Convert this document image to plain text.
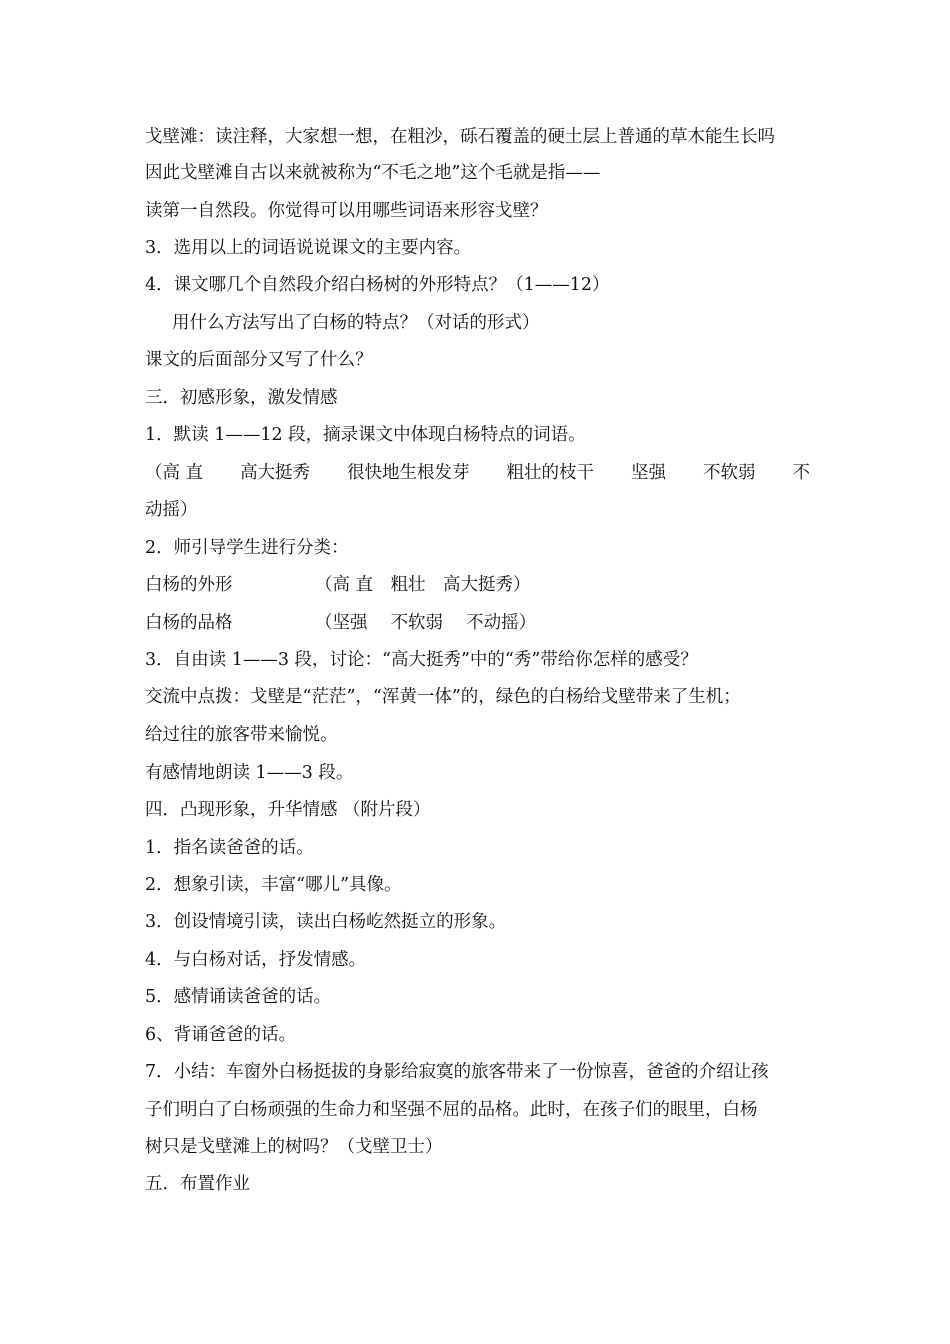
戈壁滩：读注释，大家想一想，在粗沙，砾石覆盖的硬土层上普通的草木能生长吗
因此戈壁滩自古以来就被称为“不毛之地”这个毛就是指——
读第一自然段。你觉得可以用哪些词语来形容戈壁？
3．选用以上的词语说说课文的主要内容。
4．课文哪几个自然段介绍白杨树的外形特点？（1——12）
用什么方法写出了白杨的特点？（对话的形式）
课文的后面部分又写了什么？
三．初感形象，激发情感
1．默读 1——12 段，摘录课文中体现白杨特点的词语。
（高 直 高大挺秀 很快地生根发芽 粗壮的枝干 坚强 不软弱 不
动摇）
2．师引导学生进行分类：
白杨的外形	（高 直　粗壮　高大挺秀）
白杨的品格	（坚强　 不软弱　 不动摇）
3．自由读 1——3 段，讨论：“高大挺秀”中的“秀”带给你怎样的感受？
交流中点拨：戈壁是“茫茫”，“浑黄一体”的，绿色的白杨给戈壁带来了生机；
给过往的旅客带来愉悦。
有感情地朗读 1——3 段。
四．凸现形象，升华情感 （附片段）
1．指名读爸爸的话。
2．想象引读，丰富“哪儿”具像。
3．创设情境引读，读出白杨屹然挺立的形象。
4．与白杨对话，抒发情感。
5．感情诵读爸爸的话。
6、背诵爸爸的话。
7．小结：车窗外白杨挺拔的身影给寂寞的旅客带来了一份惊喜，爸爸的介绍让孩
子们明白了白杨顽强的生命力和坚强不屈的品格。此时，在孩子们的眼里，白杨
树只是戈壁滩上的树吗？（戈壁卫士）
五．布置作业
